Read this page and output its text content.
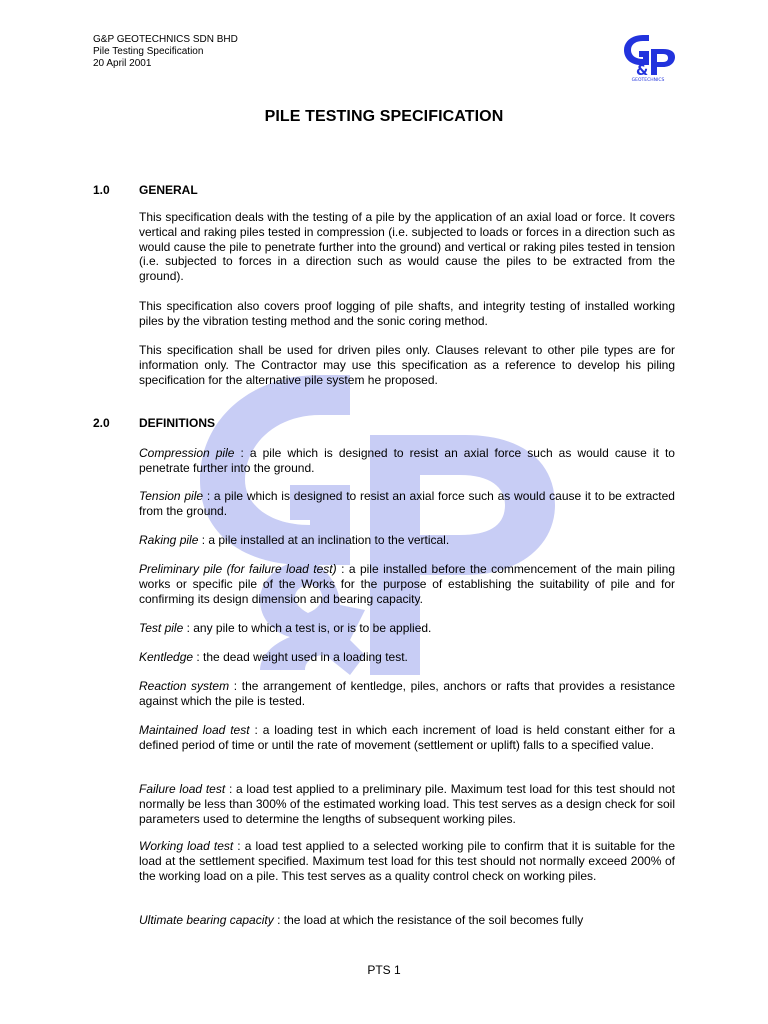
G&P GEOTECHNICS SDN BHD
Pile Testing Specification
20 April 2001	&
GEOTECHNICS
PILE TESTING SPECIFICATION
1.0 GENERAL
This specification deals with the testing of a pile by the application of an axial load or force. It covers vertical and raking piles tested in compression (i.e. subjected to loads or forces in a direction such as would cause the pile to penetrate further into the ground) and vertical or raking piles tested in tension (i.e. subjected to forces in a direction such as would cause the piles to be extracted from the ground).
This specification also covers proof logging of pile shafts, and integrity testing of installed working piles by the vibration testing method and the sonic coring method.
This specification shall be used for driven piles only. Clauses relevant to other pile types are for information only. The Contractor may use this specification as a reference to develop his piling specification for the alternative pile system he proposed.
2.0 DEFINITIONS
Compression pile : a pile which is designed to resist an axial force such as would cause it to penetrate further into the ground.
Tension pile : a pile which is designed to resist an axial force such as would cause it to be extracted from the ground.
Raking pile : a pile installed at an inclination to the vertical.
Preliminary pile (for failure load test) : a pile installed before the commencement of the main piling works or specific pile of the Works for the purpose of establishing the suitability of pile and for confirming its design dimension and bearing capacity.
Test pile : any pile to which a test is, or is to be applied.
Kentledge : the dead weight used in a loading test.
Reaction system : the arrangement of kentledge, piles, anchors or rafts that provides a resistance against which the pile is tested.
Maintained load test : a loading test in which each increment of load is held constant either for a defined period of time or until the rate of movement (settlement or uplift) falls to a specified value.
Failure load test : a load test applied to a preliminary pile. Maximum test load for this test should not normally be less than 300% of the estimated working load. This test serves as a design check for soil parameters used to determine the lengths of subsequent working piles.
Working load test : a load test applied to a selected working pile to confirm that it is suitable for the load at the settlement specified. Maximum test load for this test should not normally exceed 200% of the working load on a pile. This test serves as a quality control check on working piles.
Ultimate bearing capacity : the load at which the resistance of the soil becomes fully
PTS 1
